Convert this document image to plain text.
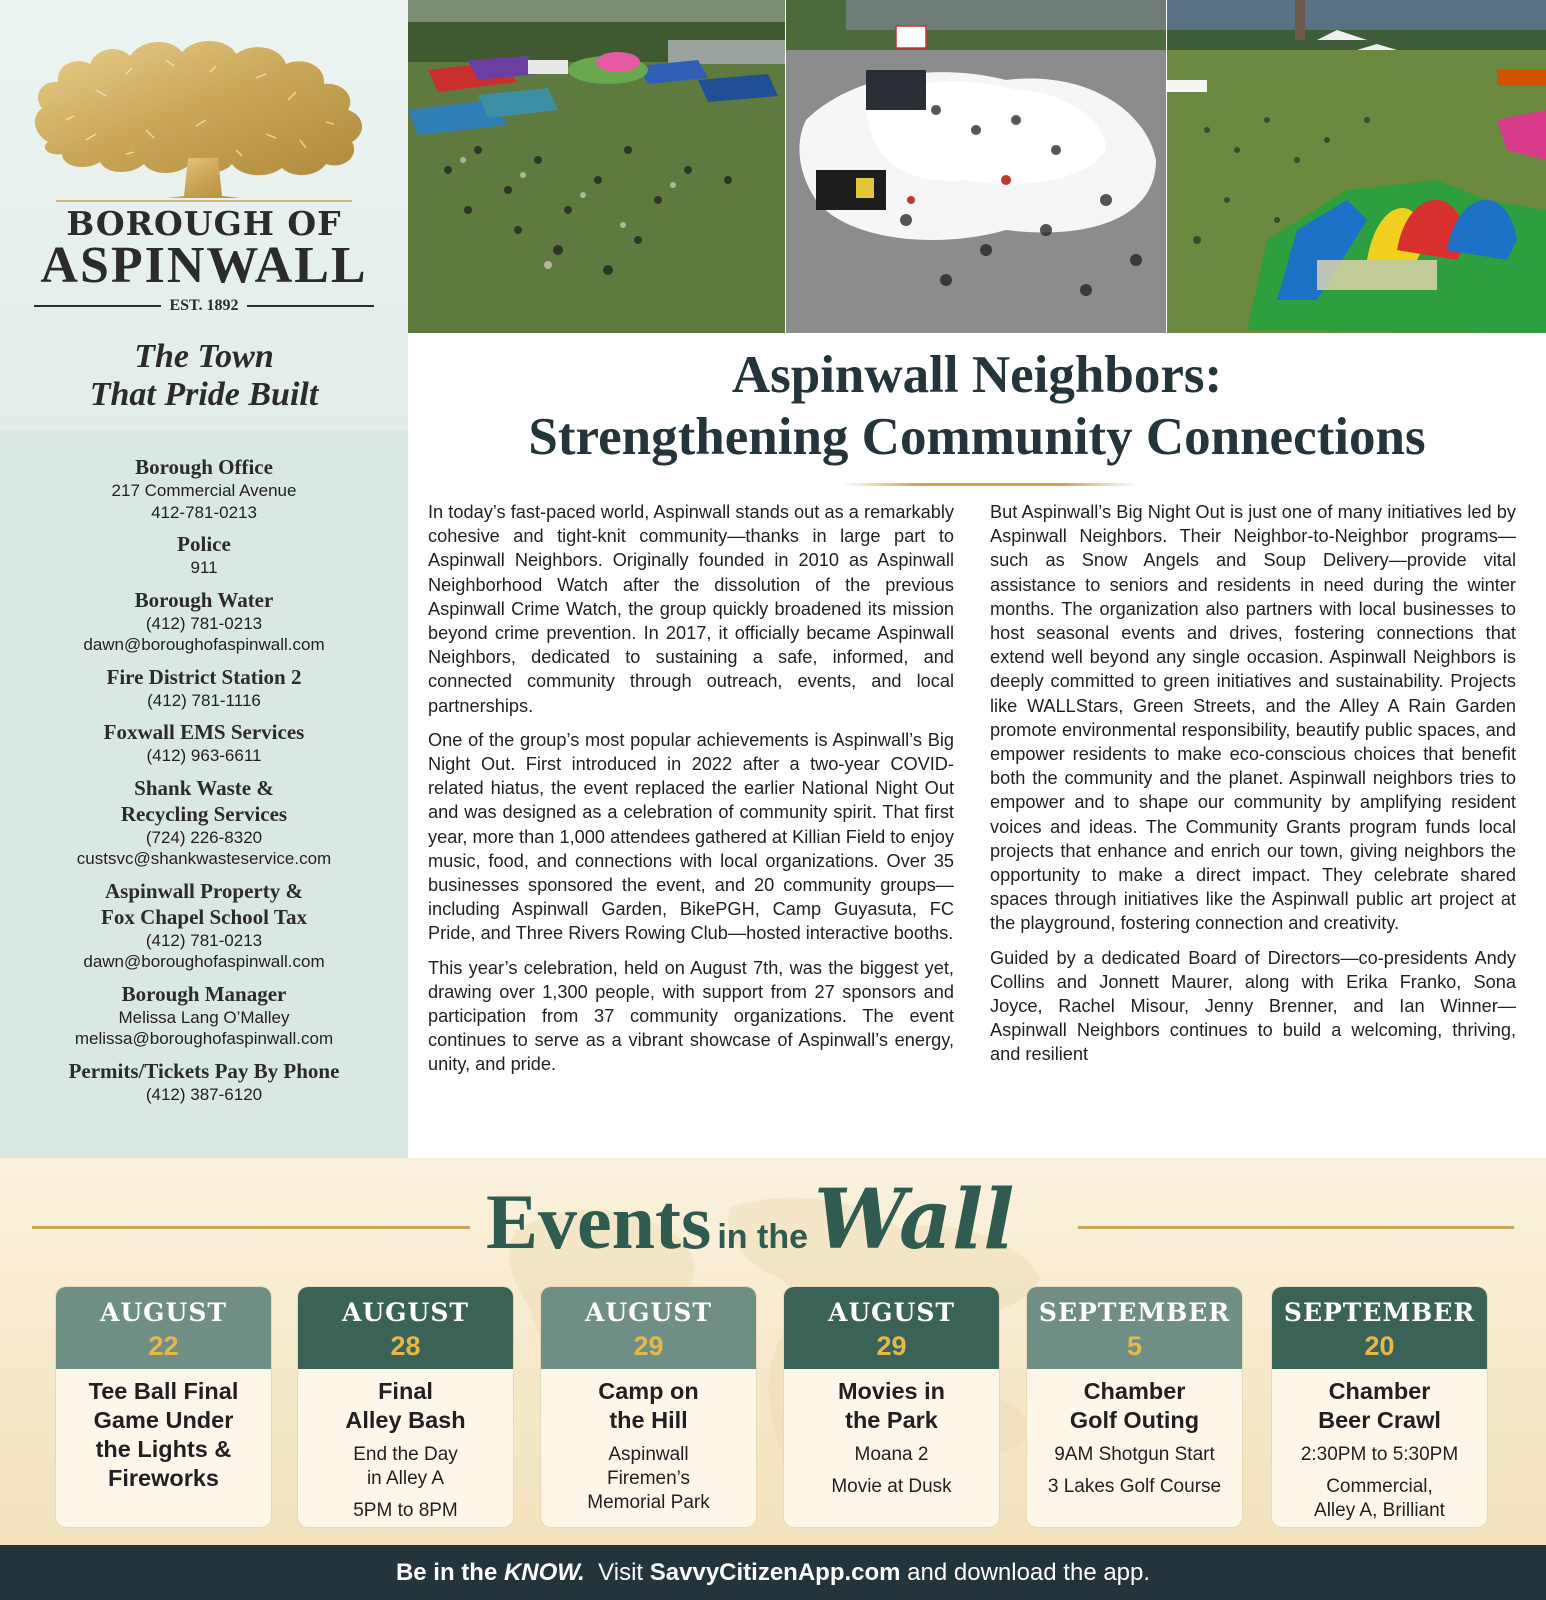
BOROUGH OF
ASPINWALL
EST. 1892
The Town
That Pride Built
Borough Office
217 Commercial Avenue
412-781-0213
Police
911
Borough Water
(412) 781-0213
dawn@boroughofaspinwall.com
Fire District Station 2
(412) 781-1116
Foxwall EMS Services
(412) 963-6611
Shank Waste &
Recycling Services
(724) 226-8320
custsvc@shankwasteservice.com
Aspinwall Property &
Fox Chapel School Tax
(412) 781-0213
dawn@boroughofaspinwall.com
Borough Manager
Melissa Lang O’Malley
melissa@boroughofaspinwall.com
Permits/Tickets Pay By Phone
(412) 387-6120
Aspinwall Neighbors:
Strengthening Community Connections

In today’s fast-paced world, Aspinwall stands out as a remarkably cohesive and tight-knit community—thanks in large part to Aspinwall Neighbors. Originally founded in 2010 as Aspinwall Neighborhood Watch after the dissolution of the previous Aspinwall Crime Watch, the group quickly broadened its mission beyond crime prevention. In 2017, it officially became Aspinwall Neighbors, dedicated to sustaining a safe, informed, and connected community through outreach, events, and local partnerships.

One of the group’s most popular achievements is Aspinwall’s Big Night Out. First introduced in 2022 after a two-year COVID-related hiatus, the event replaced the earlier National Night Out and was designed as a celebration of community spirit. That first year, more than 1,000 attendees gathered at Killian Field to enjoy music, food, and connections with local organizations. Over 35 businesses sponsored the event, and 20 community groups—including Aspinwall Garden, BikePGH, Camp Guyasuta, FC Pride, and Three Rivers Rowing Club—hosted interactive booths.

This year’s celebration, held on August 7th, was the biggest yet, drawing over 1,300 people, with support from 27 sponsors and participation from 37 community organizations. The event continues to serve as a vibrant showcase of Aspinwall’s energy, unity, and pride.

But Aspinwall’s Big Night Out is just one of many initiatives led by Aspinwall Neighbors. Their Neighbor-to-Neighbor programs—such as Snow Angels and Soup Delivery—provide vital assistance to seniors and residents in need during the winter months. The organization also partners with local businesses to host seasonal events and drives, fostering connections that extend well beyond any single occasion. Aspinwall Neighbors is deeply committed to green initiatives and sustainability. Projects like WALLStars, Green Streets, and the Alley A Rain Garden promote environmental responsibility, beautify public spaces, and empower residents to make eco-conscious choices that benefit both the community and the planet. Aspinwall neighbors tries to empower and to shape our community by amplifying resident voices and ideas. The Community Grants program funds local projects that enhance and enrich our town, giving neighbors the opportunity to make a direct impact. They celebrate shared spaces through initiatives like the Aspinwall public art project at the playground, fostering connection and creativity.

Guided by a dedicated Board of Directors—co-presidents Andy Collins and Jonnett Maurer, along with Erika Franko, Sona Joyce, Rachel Misour, Jenny Brenner, and Ian Winner—Aspinwall Neighbors continues to build a welcoming, thriving, and resilient

Events in theWall
AUGUST
22
Tee Ball Final
Game Under
the Lights &
Fireworks
AUGUST
28
Final
Alley Bash
End the Day
in Alley A
5PM to 8PM
AUGUST
29
Camp on
the Hill
Aspinwall
Firemen’s
Memorial Park
AUGUST
29
Movies in
the Park
Moana 2
Movie at Dusk
SEPTEMBER
5
Chamber
Golf Outing
9AM Shotgun Start
3 Lakes Golf Course
SEPTEMBER
20
Chamber
Beer Crawl
2:30PM to 5:30PM
Commercial,
Alley A, Brilliant
Be in the KNOW.  Visit SavvyCitizenApp.com and download the app.
